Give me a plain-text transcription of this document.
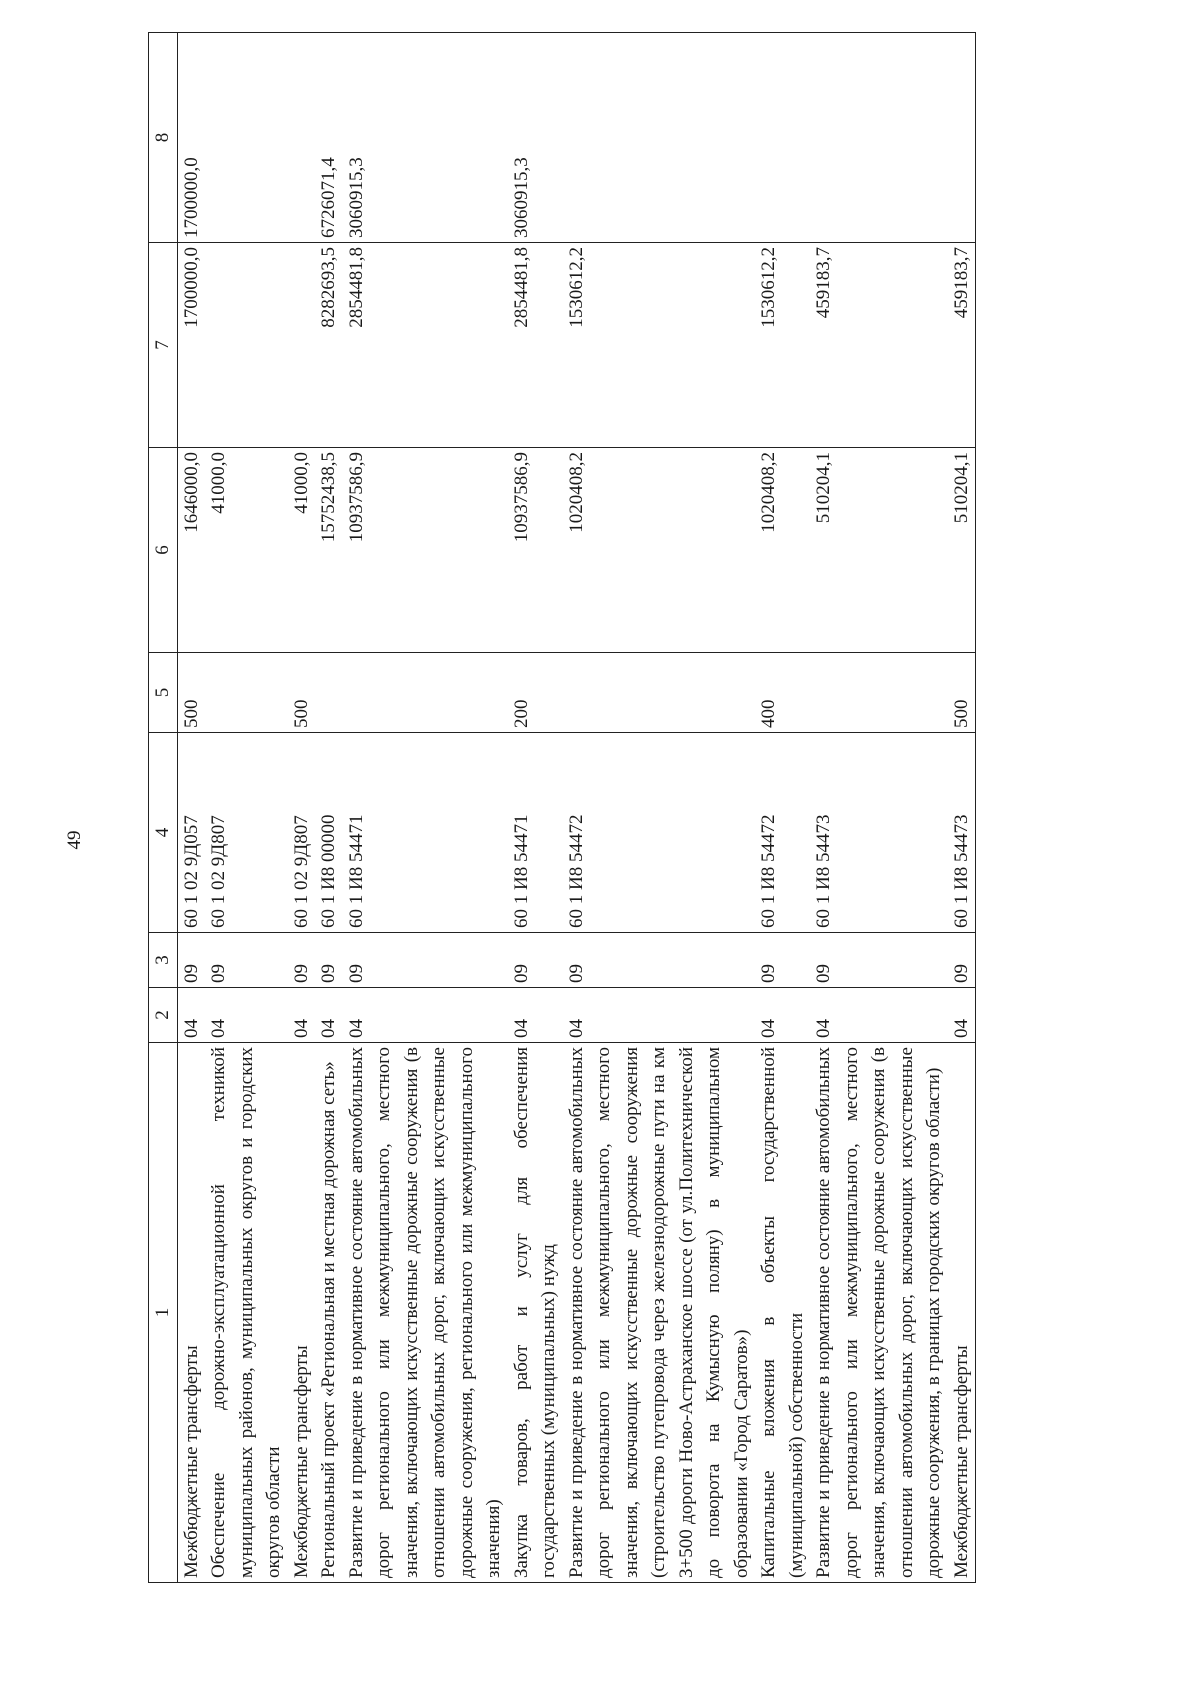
49
1	2	3	4	5	6	7	8
Межбюджетные трансферты	04	09	60 1 02 9Д057	500	1646000,0	1700000,0	1700000,0
Обеспечение дорожно-эксплуатационной техникой муниципальных районов, муниципальных округов и городских округов области	04	09	60 1 02 9Д807		41000,0		
Межбюджетные трансферты	04	09	60 1 02 9Д807	500	41000,0		
Региональный проект «Региональная и местная дорожная сеть»	04	09	60 1 И8 00000		15752438,5	8282693,5	6726071,4
Развитие и приведение в нормативное состояние автомобильных дорог регионального или межмуниципального, местного значения, включающих искусственные дорожные сооружения (в отношении автомобильных дорог, включающих искусственные дорожные сооружения, регионального или межмуниципального значения)	04	09	60 1 И8 54471		10937586,9	2854481,8	3060915,3
Закупка товаров, работ и услуг для обеспечения государственных (муниципальных) нужд	04	09	60 1 И8 54471	200	10937586,9	2854481,8	3060915,3
Развитие и приведение в нормативное состояние автомобильных дорог регионального или межмуниципального, местного значения, включающих искусственные дорожные сооружения (строительство путепровода через железнодорожные пути на км 3+500 дороги Ново-Астраханское шоссе (от ул.Политехнической до поворота на Кумысную поляну) в муниципальном образовании «Город Саратов»)	04	09	60 1 И8 54472		1020408,2	1530612,2	
Капитальные вложения в объекты государственной (муниципальной) собственности	04	09	60 1 И8 54472	400	1020408,2	1530612,2	
Развитие и приведение в нормативное состояние автомобильных дорог регионального или межмуниципального, местного значения, включающих искусственные дорожные сооружения (в отношении автомобильных дорог, включающих искусственные дорожные сооружения, в границах городских округов области)	04	09	60 1 И8 54473		510204,1	459183,7	
Межбюджетные трансферты	04	09	60 1 И8 54473	500	510204,1	459183,7	
